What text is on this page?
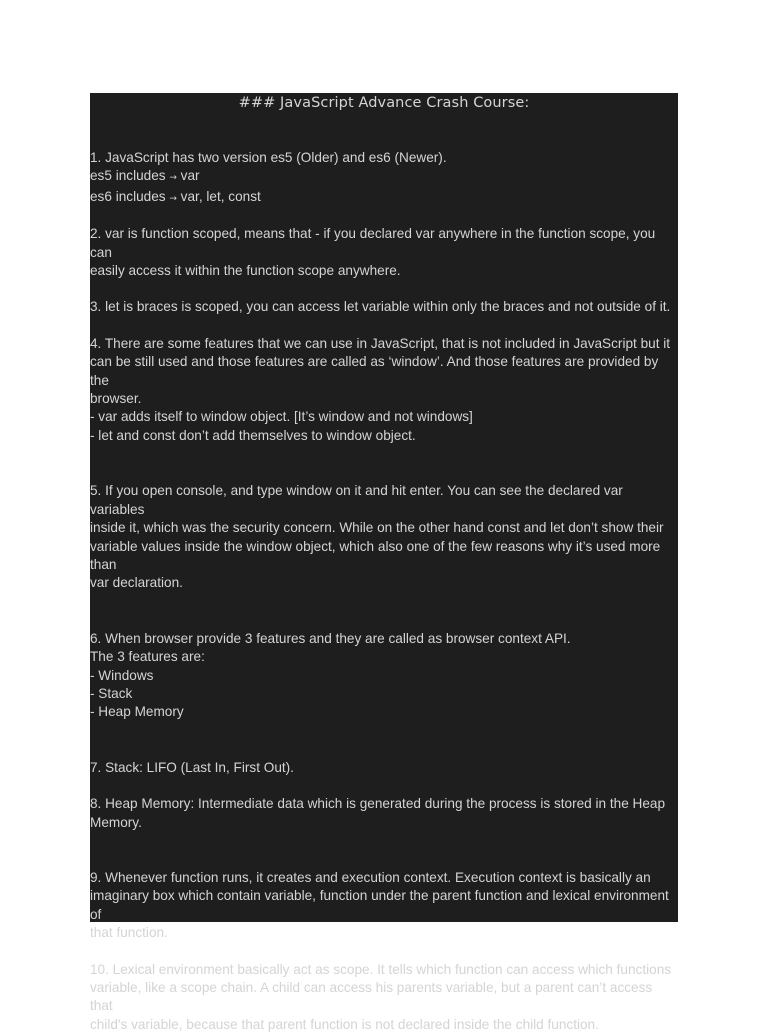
### JavaScript Advance Crash Course:
1. JavaScript has two version es5 (Older) and es6 (Newer).
es5 includes → var
es6 includes → var, let, const
2. var is function scoped, means that - if you declared var anywhere in the function scope, you can
easily access it within the function scope anywhere.
3. let is braces is scoped, you can access let variable within only the braces and not outside of it.
4. There are some features that we can use in JavaScript, that is not included in JavaScript but it
can be still used and those features are called as ‘window’. And those features are provided by the
browser.
- var adds itself to window object. [It’s window and not windows]
- let and const don’t add themselves to window object.
5. If you open console, and type window on it and hit enter. You can see the declared var variables
inside it, which was the security concern. While on the other hand const and let don’t show their
variable values inside the window object, which also one of the few reasons why it’s used more than
var declaration.
6. When browser provide 3 features and they are called as browser context API.
The 3 features are:
- Windows
- Stack
- Heap Memory
7. Stack: LIFO (Last In, First Out).
8. Heap Memory: Intermediate data which is generated during the process is stored in the Heap
Memory.
9. Whenever function runs, it creates and execution context. Execution context is basically an
imaginary box which contain variable, function under the parent function and lexical environment of
that function.
10. Lexical environment basically act as scope. It tells which function can access which functions
variable, like a scope chain. A child can access his parents variable, but a parent can’t access that
child's variable, because that parent function is not declared inside the child function.
